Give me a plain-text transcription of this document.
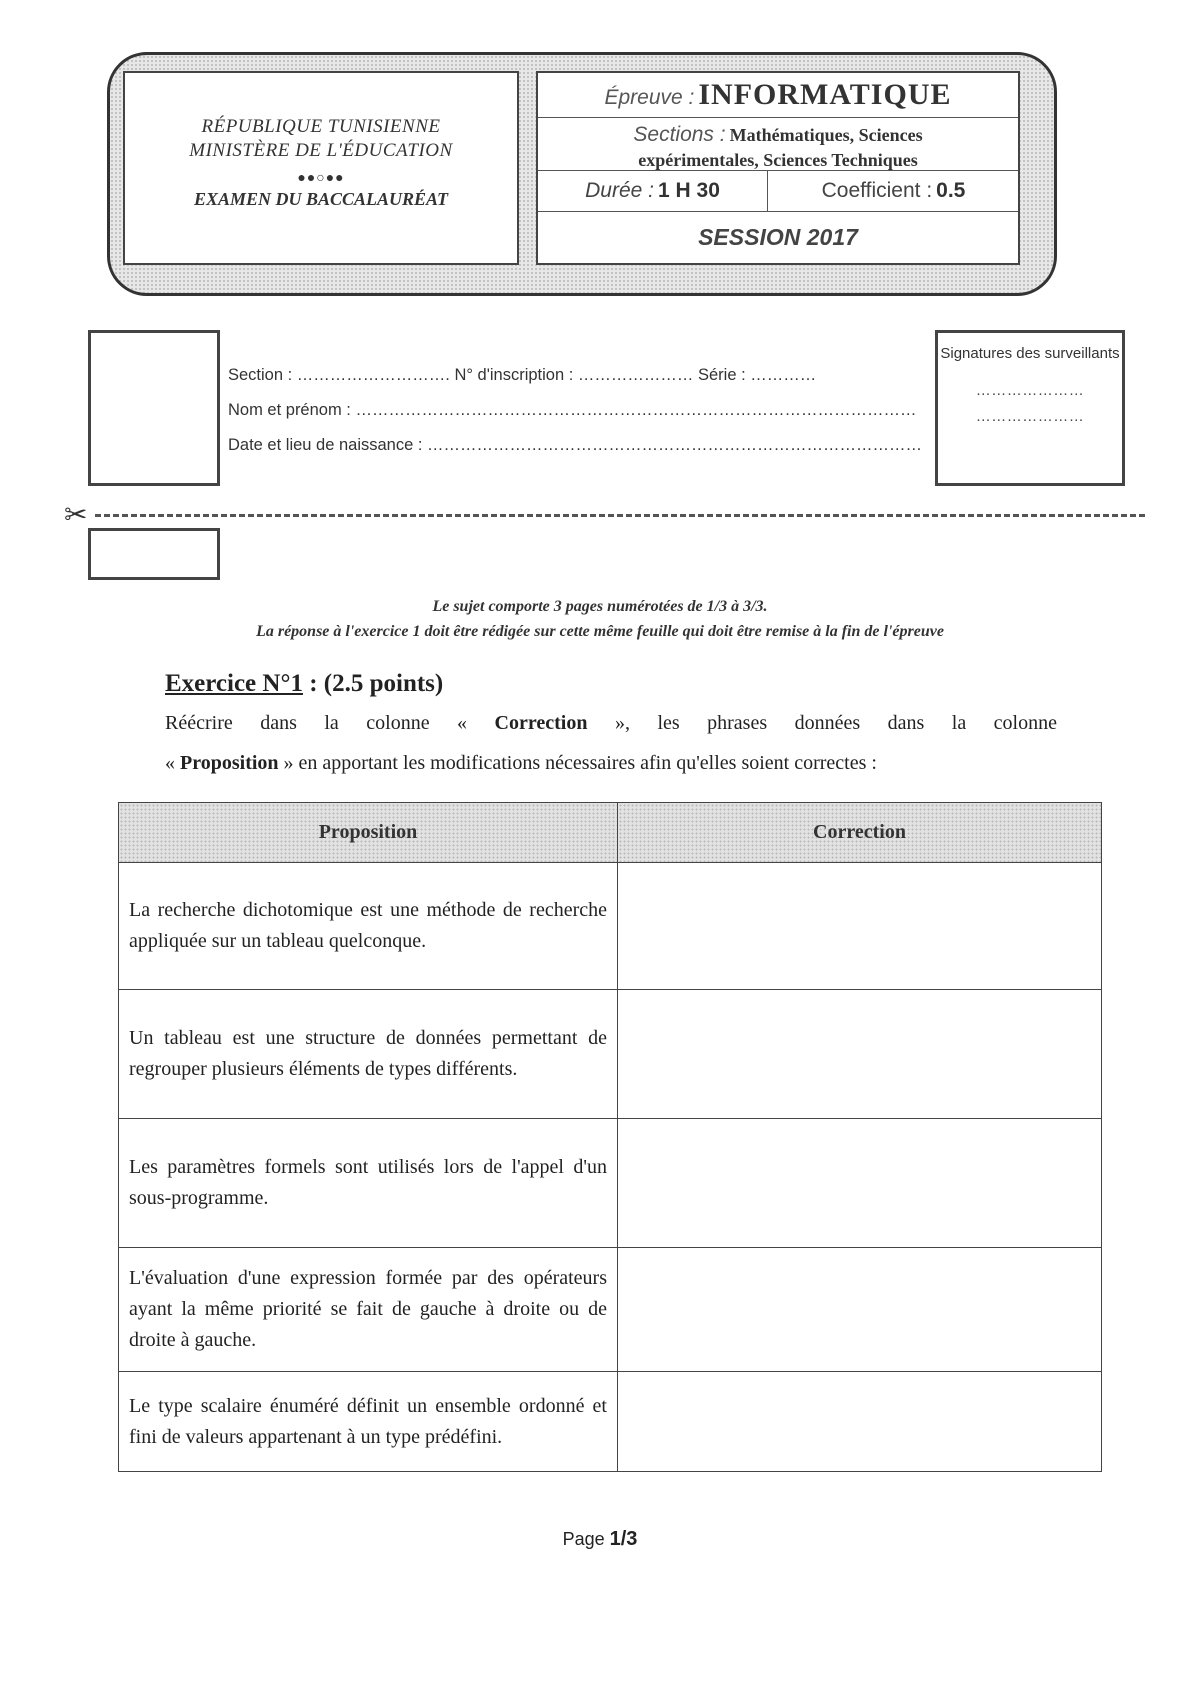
RÉPUBLIQUE TUNISIENNE
MINISTÈRE DE L'ÉDUCATION
●●○●●
EXAMEN DU BACCALAURÉAT
Épreuve : INFORMATIQUE
Sections : Mathématiques, Sciences
expérimentales, Sciences Techniques
Durée : 1 H 30	Coefficient : 0.5
SESSION 2017
Section : ………………………. N° d'inscription : ………………… Série : …………
Nom et prénom : …………………………………………………………………………………………
Date et lieu de naissance : ………………………………………………………………………………
Signatures des surveillants
…………………
…………………
✂
Le sujet comporte 3 pages numérotées de 1/3 à 3/3.
La réponse à l'exercice 1 doit être rédigée sur cette même feuille qui doit être remise à la fin de l'épreuve
Exercice N°1 : (2.5 points)
Réécrire dans la colonne « Correction », les phrases données dans la colonne
« Proposition » en apportant les modifications nécessaires afin qu'elles soient correctes :
Proposition	Correction
La recherche dichotomique est une méthode de recherche appliquée sur un tableau quelconque.	
Un tableau est une structure de données permettant de regrouper plusieurs éléments de types différents.	
Les paramètres formels sont utilisés lors de l'appel d'un sous-programme.	
L'évaluation d'une expression formée par des opérateurs ayant la même priorité se fait de gauche à droite ou de droite à gauche.	
Le type scalaire énuméré définit un ensemble ordonné et fini de valeurs appartenant à un type prédéfini.	
Page 1/3
